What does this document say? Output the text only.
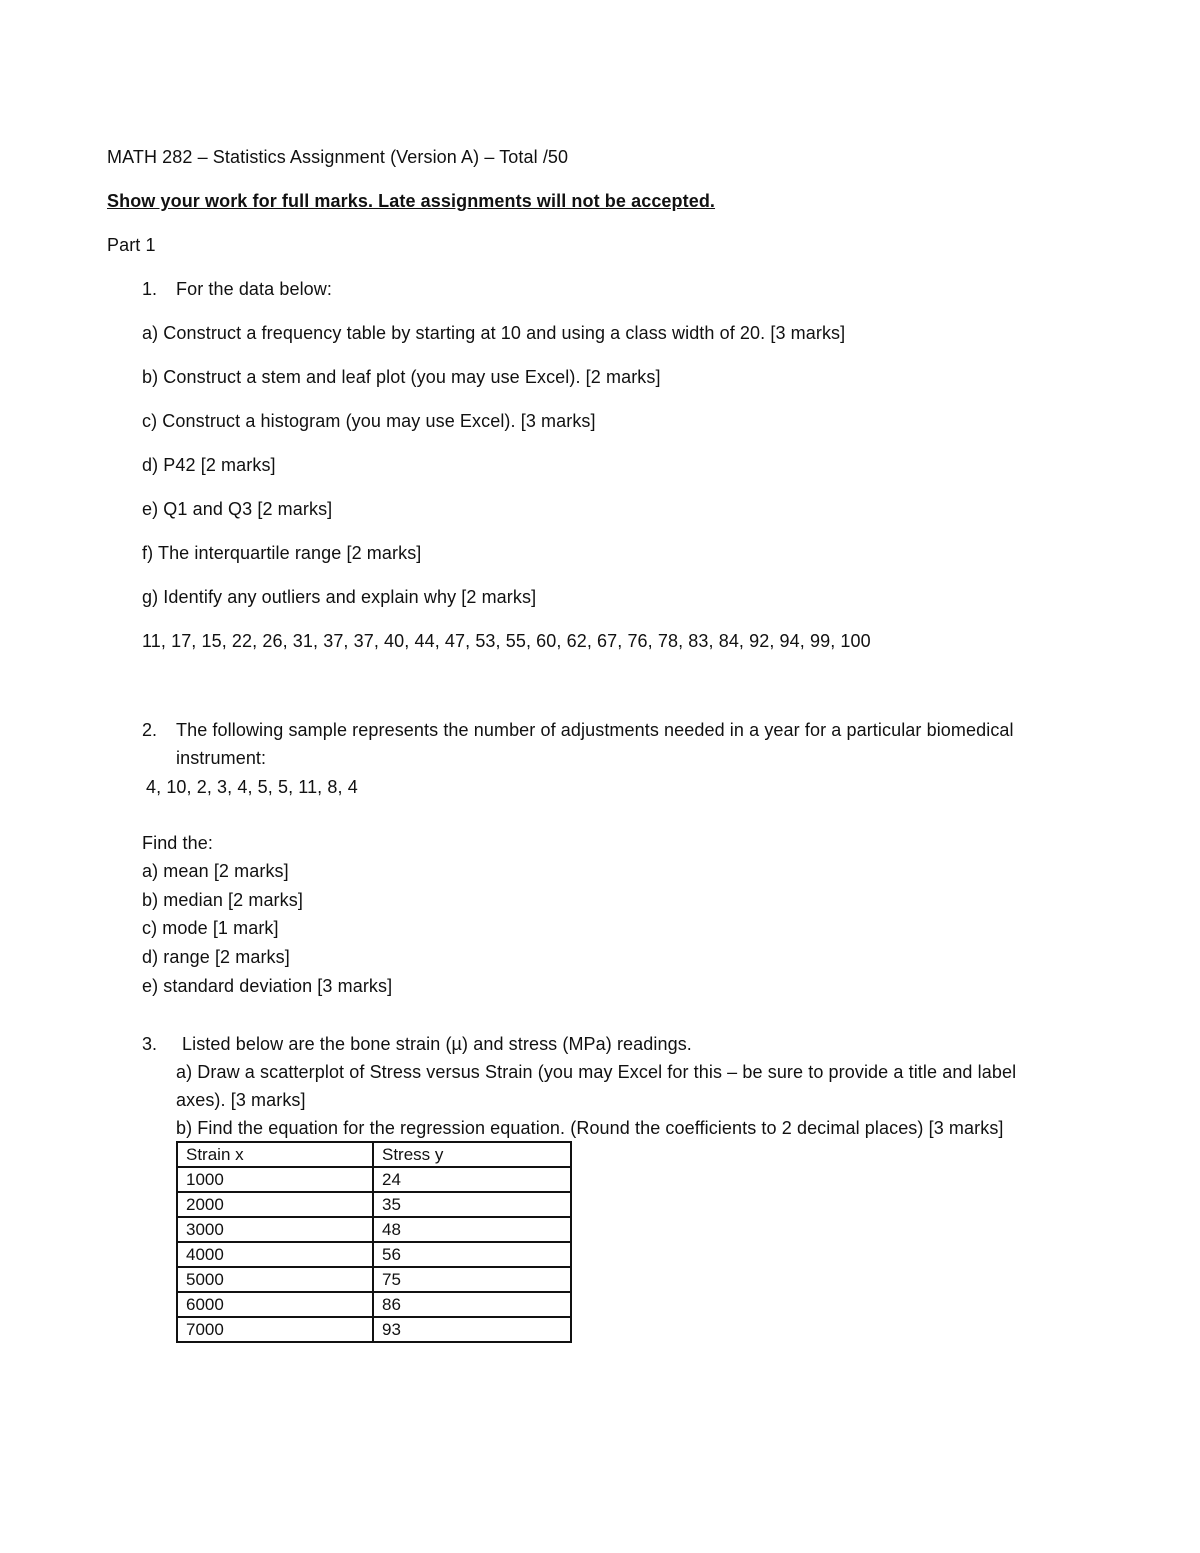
MATH 282 – Statistics Assignment (Version A) – Total /50
Show your work for full marks. Late assignments will not be accepted.
Part 1
1. For the data below:
a) Construct a frequency table by starting at 10 and using a class width of 20. [3 marks]
b) Construct a stem and leaf plot (you may use Excel). [2 marks]
c) Construct a histogram (you may use Excel). [3 marks]
d) P42 [2 marks]
e) Q1 and Q3 [2 marks]
f) The interquartile range [2 marks]
g) Identify any outliers and explain why [2 marks]
11, 17, 15, 22, 26, 31, 37, 37, 40, 44, 47, 53, 55, 60, 62, 67, 76, 78, 83, 84, 92, 94, 99, 100
2. The following sample represents the number of adjustments needed in a year for a particular biomedical
instrument:
4, 10, 2, 3, 4, 5, 5, 11, 8, 4
Find the:
a) mean [2 marks]
b) median [2 marks]
c) mode [1 mark]
d) range [2 marks]
e) standard deviation [3 marks]
3. Listed below are the bone strain (µ) and stress (MPa) readings.
a) Draw a scatterplot of Stress versus Strain (you may Excel for this – be sure to provide a title and label
axes). [3 marks]
b) Find the equation for the regression equation. (Round the coefficients to 2 decimal places) [3 marks]
Strain x	Stress y
1000	24
2000	35
3000	48
4000	56
5000	75
6000	86
7000	93
